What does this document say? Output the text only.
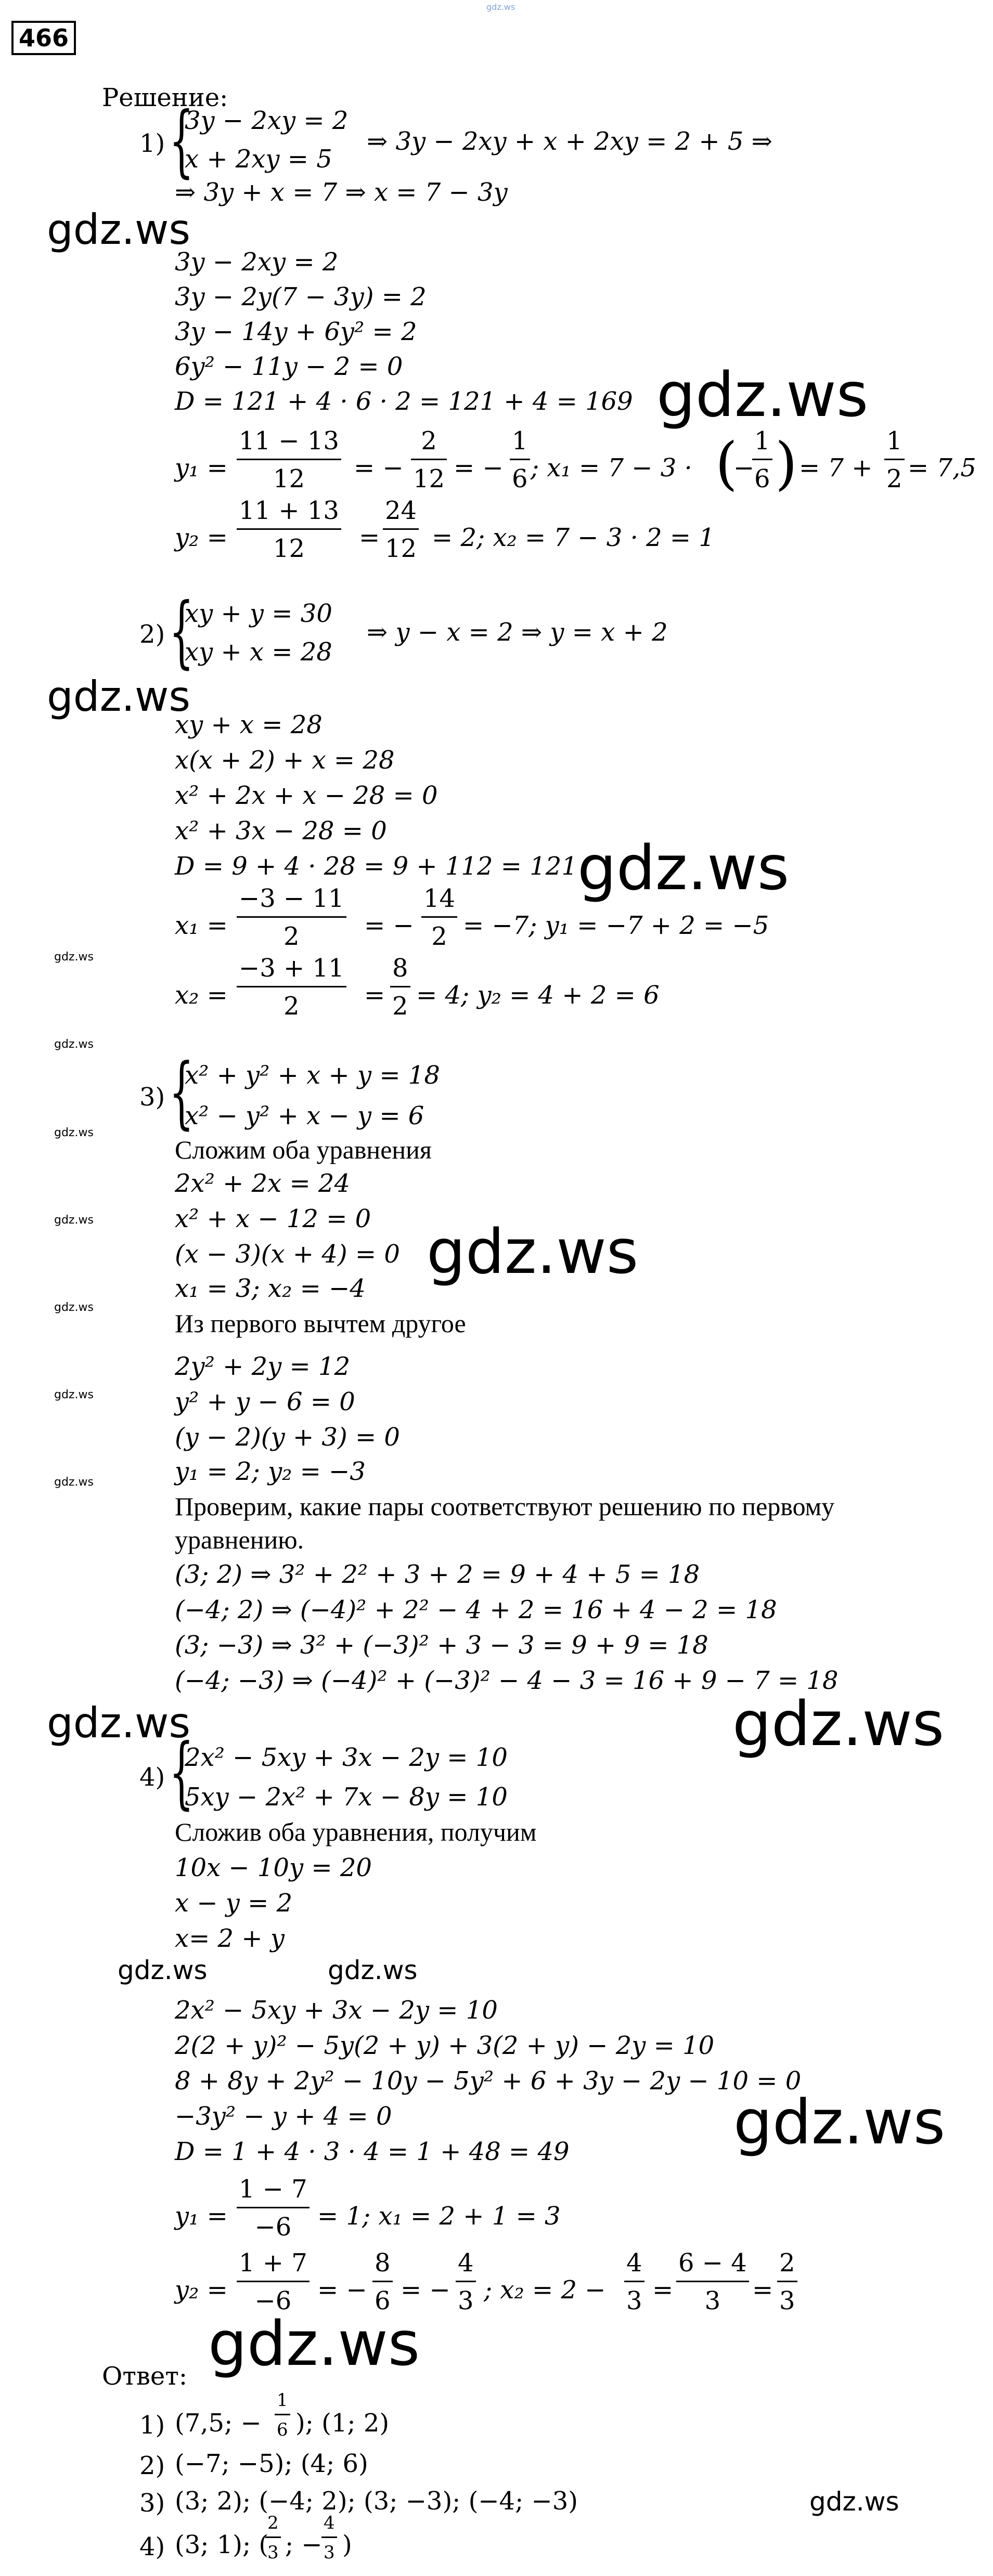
gdz.ws
466
Решение:
1) {
3y − 2xy = 2
x + 2xy = 5
⇒ 3y − 2xy + x + 2xy = 2 + 5 ⇒
⇒ 3y + x = 7 ⇒ x = 7 − 3y
gdz.ws
3y − 2xy = 2
3y − 2y(7 − 3y) = 2
3y − 14y + 6y² = 2
6y² − 11y − 2 = 0
D = 121 + 4 · 6 · 2 = 121 + 4 = 169 gdz.ws
$y_1 = \frac{11 - 13}{12}$ = − $\frac{2}{12}$ = − $\frac{1}{6}$ ; x₁ = 7 − 3 · (
−
$\frac{1}{6}$ ) = $7 + \frac{1}{2} = 7,5$
$y_2 = \frac{11 + 13}{12} = \frac{24}{12} = 2$; x₂ = 7 − 3 · 2 = 1
2) {
xy + y = 30
xy + x = 28
⇒ y − x = 2 ⇒ y = x + 2
gdz.ws
xy + x = 28
x(x + 2) + x = 28
x² + 2x + x − 28 = 0
x² + 3x − 28 = 0
D = 9 + 4 · 28 = 9 + 112 = 121 gdz.ws
$x_1 = \frac{-3 - 11}{2}$ = − $\frac{14}{2} = -7$; y₁ = −7 + 2 = −5
gdz.ws
$x_2 = \frac{-3 + 11}{2} = \frac{8}{2} = 4$; y₂ = 4 + 2 = 6
gdz.ws
3) {
x² + y² + x + y = 18
x² − y² + x − y = 6
gdz.ws
Сложим оба уравнения
2x² + 2x = 24
gdz.ws	x² + x − 12 = 0
(x − 3)(x + 4) = 0
x₁ = 3; x₂ = −4
gdz.ws
gdz.ws
Из первого вычтем другое
2y² + 2y = 12
gdz.ws	y² + y − 6 = 0
(y − 2)(y + 3) = 0
y₁ = 2; y₂ = −3
gdz.ws
Проверим, какие пары соответствуют решению по первому
уравнению.
(3; 2) ⇒ 3² + 2² + 3 + 2 = 9 + 4 + 5 = 18
(−4; 2) ⇒ (−4)² + 2² − 4 + 2 = 16 + 4 − 2 = 18
(3; −3) ⇒ 3² + (−3)² + 3 − 3 = 9 + 9 = 18
(−4; −3) ⇒ (−4)² + (−3)² − 4 − 3 = 16 + 9 − 7 = 18
gdz.ws	gdz.ws
4) {
2x² − 5xy + 3x − 2y = 10
5xy − 2x² + 7x − 8y = 10
Сложив оба уравнения, получим
10x − 10y = 20
x − y = 2
x= 2 + y
gdz.ws	gdz.ws
2x² − 5xy + 3x − 2y = 10
2(2 + y)² − 5y(2 + y) + 3(2 + y) − 2y = 10
8 + 8y + 2y² − 10y − 5y² + 6 + 3y − 2y − 10 = 0
−3y² − y + 4 = 0	gdz.ws
D = 1 + 4 · 3 · 4 = 1 + 48 = 49
$y_1 = \frac{1 - 7}{-6} = 1$; x₁ = 2 + 1 = 3
$y_2 = \frac{1 + 7}{-6}$ = − $\frac{8}{6}$ = − $\frac{4}{3}$ ; $x_2 = 2 - \frac{4}{3} = \frac{6 - 4}{3} = \frac{2}{3}$
gdz.ws
Ответ:
1) (7,5; − $\frac{1}{6}$ ); (1; 2)
2) (−7; −5); (4; 6)
3) (3; 2); (−4; 2); (3; −3); (−4; −3)	gdz.ws
4) (3; 1); (
$\frac{2}{3}$ ; −
$\frac{4}{3}$ )
